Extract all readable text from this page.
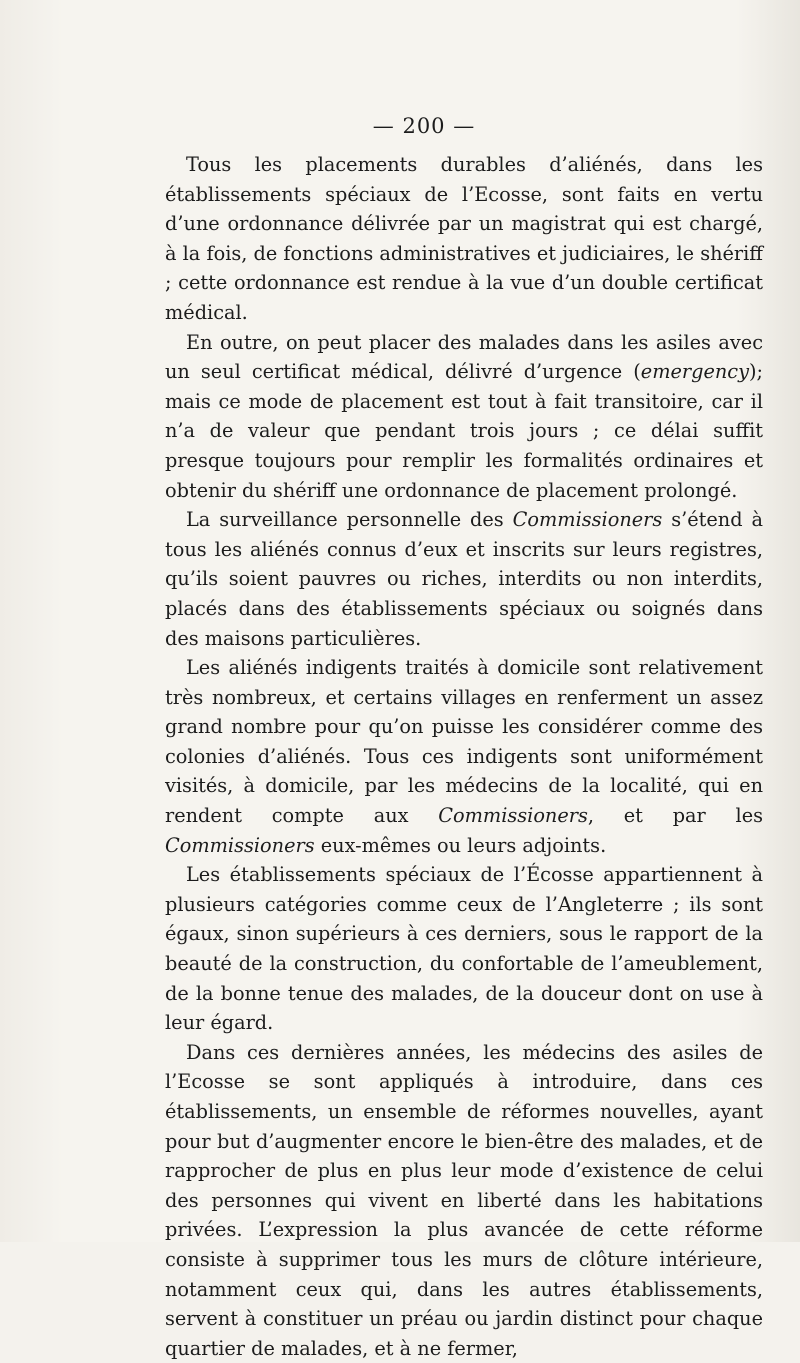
— 200 —

Tous les placements durables d’aliénés, dans les établissements spéciaux de l’Ecosse, sont faits en vertu d’une ordonnance délivrée par un magistrat qui est chargé, à la fois, de fonctions administratives et judiciaires, le shériff ; cette ordonnance est rendue à la vue d’un double certificat médical.

En outre, on peut placer des malades dans les asiles avec un seul certificat médical, délivré d’urgence (emergency); mais ce mode de placement est tout à fait transitoire, car il n’a de valeur que pendant trois jours ; ce délai suffit presque toujours pour remplir les formalités ordinaires et obtenir du shériff une ordonnance de placement prolongé.

La surveillance personnelle des Commissioners s’étend à tous les aliénés connus d’eux et inscrits sur leurs registres, qu’ils soient pauvres ou riches, interdits ou non interdits, placés dans des établissements spéciaux ou soignés dans des maisons particulières.

Les aliénés indigents traités à domicile sont relativement très nombreux, et certains villages en renferment un assez grand nombre pour qu’on puisse les considérer comme des colonies d’aliénés. Tous ces indigents sont uniformément visités, à domicile, par les médecins de la localité, qui en rendent compte aux Commissioners, et par les Commissioners eux-mêmes ou leurs adjoints.

Les établissements spéciaux de l’Écosse appartiennent à plusieurs catégories comme ceux de l’Angleterre ; ils sont égaux, sinon supérieurs à ces derniers, sous le rapport de la beauté de la construction, du confortable de l’ameublement, de la bonne tenue des malades, de la douceur dont on use à leur égard.

Dans ces dernières années, les médecins des asiles de l’Ecosse se sont appliqués à introduire, dans ces établissements, un ensemble de réformes nouvelles, ayant pour but d’augmenter encore le bien-être des malades, et de rapprocher de plus en plus leur mode d’existence de celui des personnes qui vivent en liberté dans les habitations privées. L’expression la plus avancée de cette réforme consiste à supprimer tous les murs de clôture intérieure, notamment ceux qui, dans les autres établissements, servent à constituer un préau ou jardin distinct pour chaque quartier de malades, et à ne fermer,
